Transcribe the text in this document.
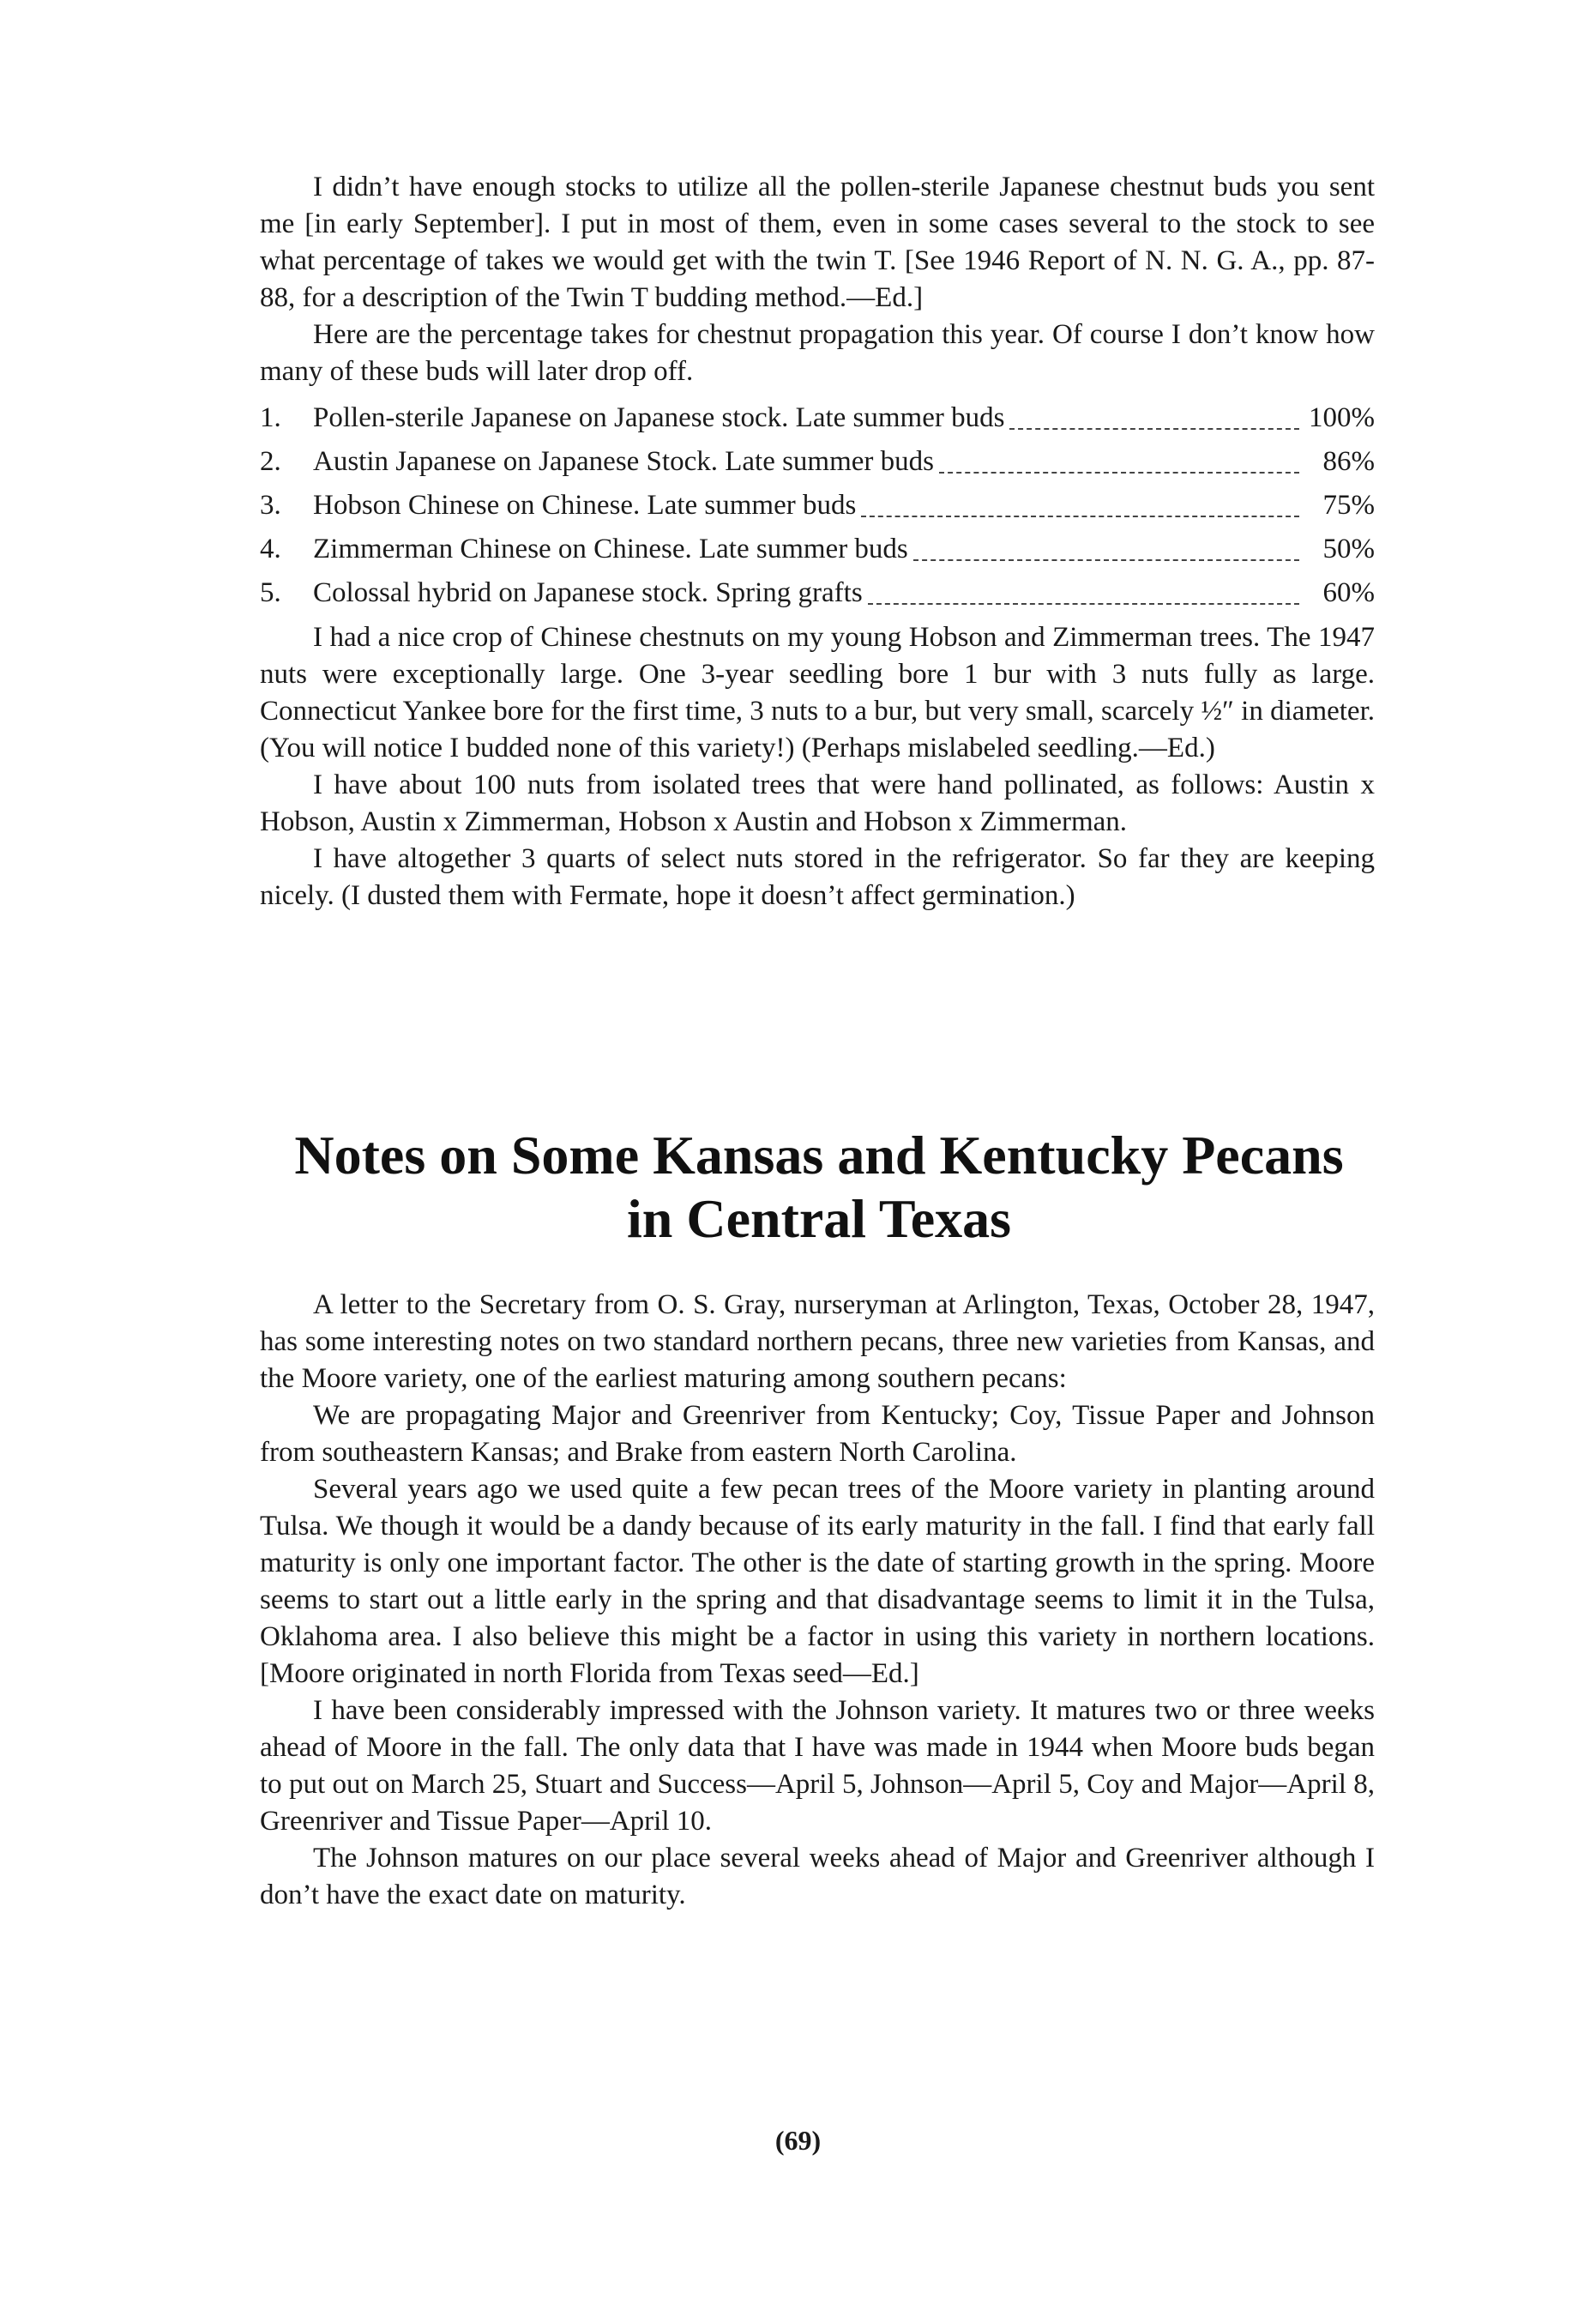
I didn’t have enough stocks to utilize all the pollen-sterile Japanese chestnut buds you sent me [in early September]. I put in most of them, even in some cases several to the stock to see what percentage of takes we would get with the twin T. [See 1946 Report of N. N. G. A., pp. 87-88, for a description of the Twin T budding method.—Ed.]

Here are the percentage takes for chestnut propagation this year. Of course I don’t know how many of these buds will later drop off.

1.	Pollen-sterile Japanese on Japanese stock. Late summer buds	100%
2.	Austin Japanese on Japanese Stock. Late summer buds	86%
3.	Hobson Chinese on Chinese. Late summer buds	75%
4.	Zimmerman Chinese on Chinese. Late summer buds	50%
5.	Colossal hybrid on Japanese stock. Spring grafts	60%

I had a nice crop of Chinese chestnuts on my young Hobson and Zimmerman trees. The 1947 nuts were exceptionally large. One 3-year seedling bore 1 bur with 3 nuts fully as large. Connecticut Yankee bore for the first time, 3 nuts to a bur, but very small, scarcely ½″ in diameter. (You will notice I budded none of this variety!) (Perhaps mislabeled seedling.—Ed.)

I have about 100 nuts from isolated trees that were hand pollinated, as follows: Austin x Hobson, Austin x Zimmerman, Hobson x Austin and Hobson x Zimmerman.

I have altogether 3 quarts of select nuts stored in the refrigerator. So far they are keeping nicely. (I dusted them with Fermate, hope it doesn’t affect germination.)

Notes on Some Kansas and Kentucky Pecans
in Central Texas

A letter to the Secretary from O. S. Gray, nurseryman at Arlington, Texas, October 28, 1947, has some interesting notes on two standard northern pecans, three new varieties from Kansas, and the Moore variety, one of the earliest maturing among southern pecans:

We are propagating Major and Greenriver from Kentucky; Coy, Tissue Paper and Johnson from southeastern Kansas; and Brake from eastern North Carolina.

Several years ago we used quite a few pecan trees of the Moore variety in planting around Tulsa. We though it would be a dandy because of its early maturity in the fall. I find that early fall maturity is only one important factor. The other is the date of starting growth in the spring. Moore seems to start out a little early in the spring and that disadvantage seems to limit it in the Tulsa, Oklahoma area. I also believe this might be a factor in using this variety in northern locations. [Moore originated in north Florida from Texas seed—Ed.]

I have been considerably impressed with the Johnson variety. It matures two or three weeks ahead of Moore in the fall. The only data that I have was made in 1944 when Moore buds began to put out on March 25, Stuart and Success—April 5, Johnson—April 5, Coy and Major—April 8, Greenriver and Tissue Paper—April 10.

The Johnson matures on our place several weeks ahead of Major and Greenriver although I don’t have the exact date on maturity.

(69)
